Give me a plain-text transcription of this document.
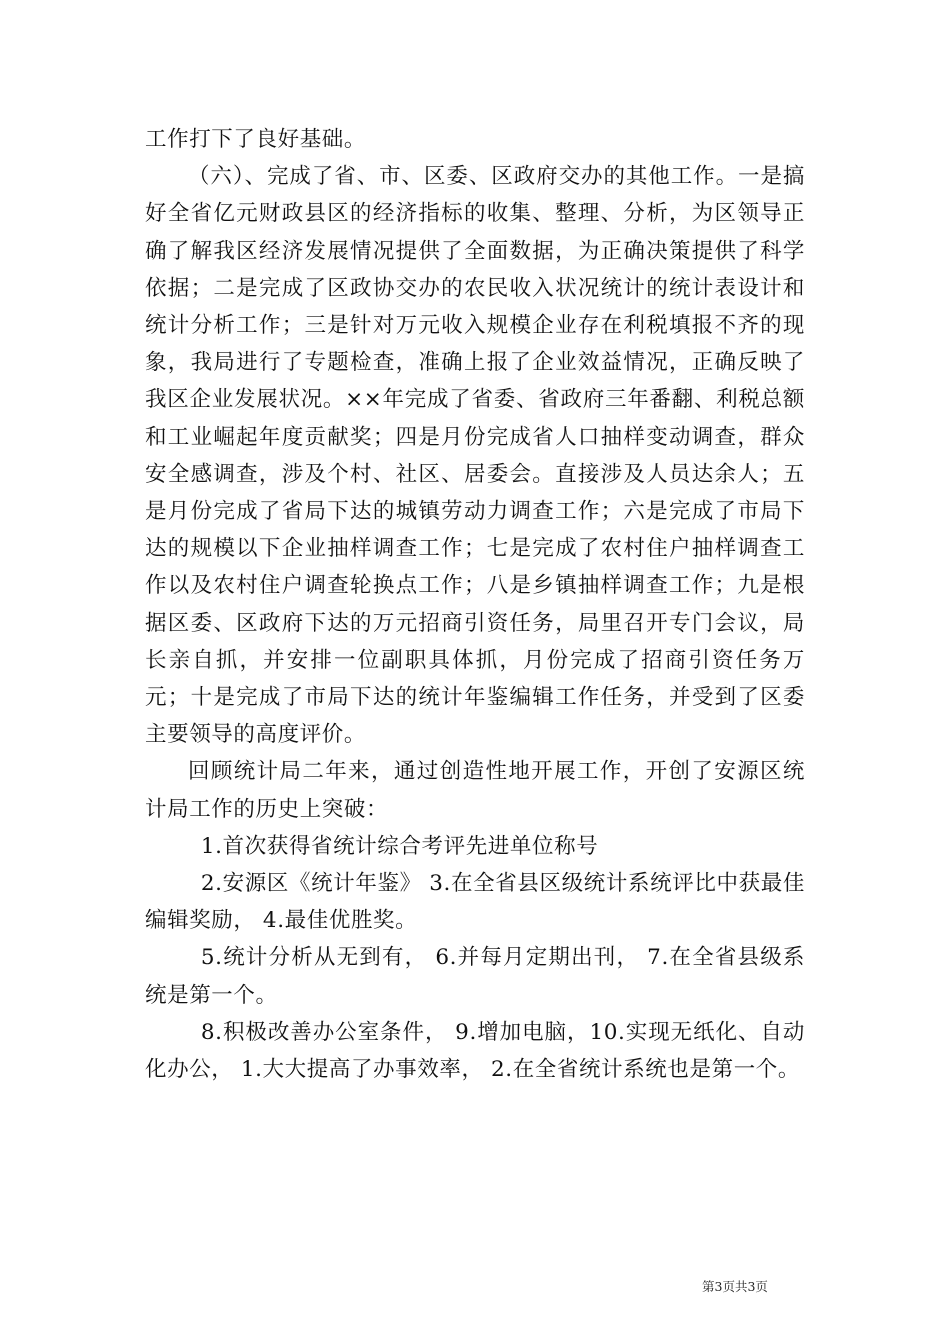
工作打下了良好基础。

（六）、完成了省、市、区委、区政府交办的其他工作。一是搞好全省亿元财政县区的经济指标的收集、整理、分析，为区领导正确了解我区经济发展情况提供了全面数据，为正确决策提供了科学依据；二是完成了区政协交办的农民收入状况统计的统计表设计和统计分析工作；三是针对万元收入规模企业存在利税填报不齐的现象，我局进行了专题检查，准确上报了企业效益情况，正确反映了我区企业发展状况。××年完成了省委、省政府三年番翻、利税总额和工业崛起年度贡献奖；四是月份完成省人口抽样变动调查，群众安全感调查，涉及个村、社区、居委会。直接涉及人员达余人；五是月份完成了省局下达的城镇劳动力调查工作；六是完成了市局下达的规模以下企业抽样调查工作；七是完成了农村住户抽样调查工作以及农村住户调查轮换点工作；八是乡镇抽样调查工作；九是根据区委、区政府下达的万元招商引资任务，局里召开专门会议，局长亲自抓，并安排一位副职具体抓，月份完成了招商引资任务万元；十是完成了市局下达的统计年鉴编辑工作任务，并受到了区委主要领导的高度评价。

回顾统计局二年来，通过创造性地开展工作，开创了安源区统计局工作的历史上突破：

1.首次获得省统计综合考评先进单位称号

2.安源区《统计年鉴》 3.在全省县区级统计系统评比中获最佳编辑奖励， 4.最佳优胜奖。

5.统计分析从无到有， 6.并每月定期出刊， 7.在全省县级系统是第一个。

8.积极改善办公室条件， 9.增加电脑，10.实现无纸化、自动化办公， 1.大大提高了办事效率， 2.在全省统计系统也是第一个。

第3页共3页
